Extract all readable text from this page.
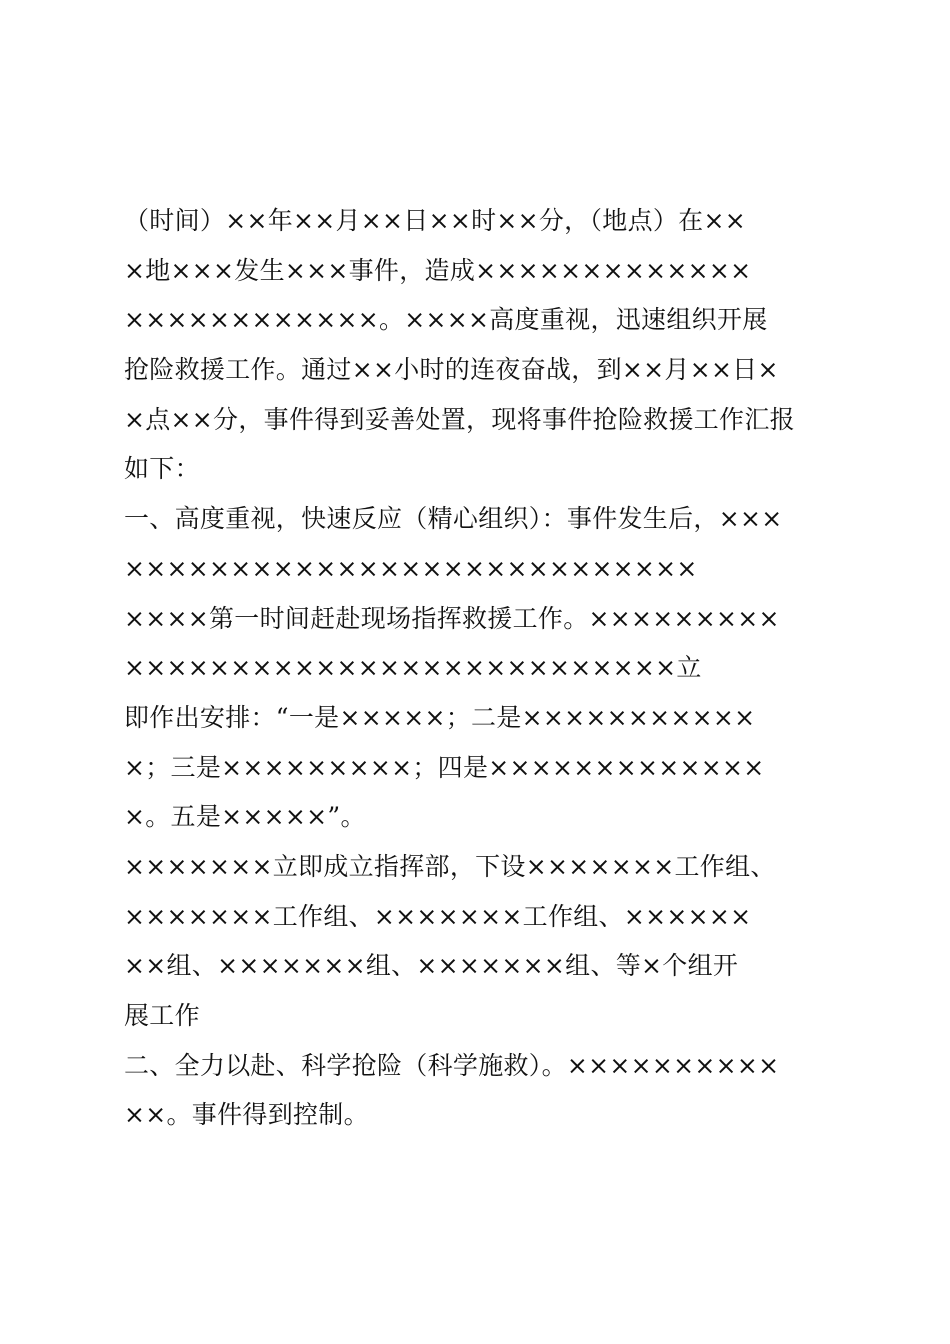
（时间）××年××月××日××时××分，（地点）在××
×地×××发生×××事件，造成×××××××××××××
××××××××××××。××××高度重视，迅速组织开展
抢险救援工作。通过××小时的连夜奋战，到××月××日×
×点××分，事件得到妥善处置，现将事件抢险救援工作汇报
如下：
一、高度重视，快速反应（精心组织）：事件发生后，×××
×××××××××××××××××××××××××××
××××第一时间赶赴现场指挥救援工作。×××××××××
××××××××××××××××××××××××××立
即作出安排：“一是×××××；二是×××××××××××
×；三是×××××××××；四是×××××××××××××
×。五是×××××”。
×××××××立即成立指挥部，下设×××××××工作组、
×××××××工作组、×××××××工作组、××××××
××组、×××××××组、×××××××组、等×个组开
展工作
二、全力以赴、科学抢险（科学施救）。××××××××××
××。事件得到控制。
